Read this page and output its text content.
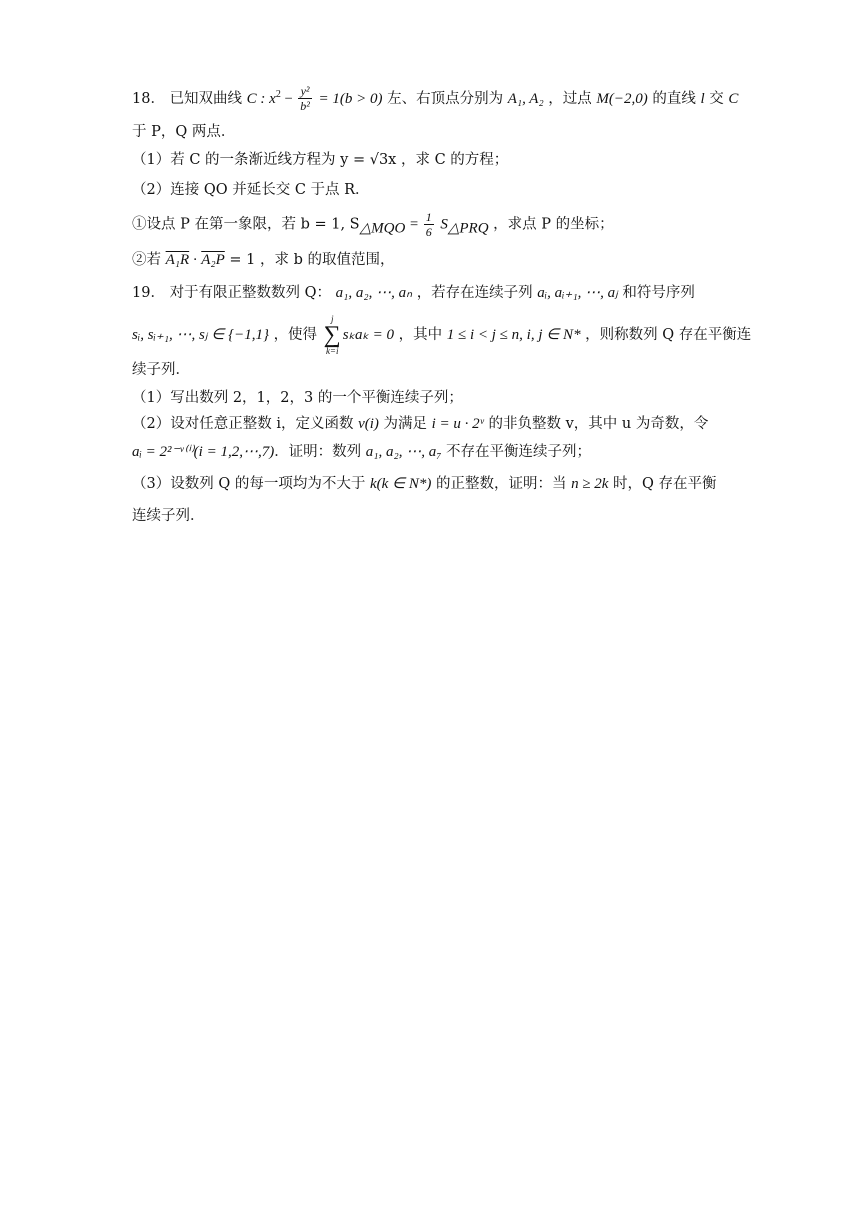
18． 已知双曲线 C : $x^2 - \frac{\text{y²}}{\text{b²}} = 1(b > 0)$ 左、右顶点分别为 A₁, A₂ ，过点 M(−2,0) 的直线 l 交 C
于 P，Q 两点．
（1）若 C 的一条渐近线方程为 y = √3x ，求 C 的方程；
（2）连接 QO 并延长交 C 于点 R．
①设点 P 在第一象限，若 b = 1, $S_{\triangle MQO} = \frac{1}{6} S_{\triangle PRQ}$ ，求点 P 的坐标；
②若 A₁R · A₂P = 1 ，求 b 的取值范围，
19． 对于有限正整数数列 Q： a₁, a₂, ⋯, aₙ ，若存在连续子列 aᵢ, aᵢ₊₁, ⋯, aⱼ 和符号序列
sᵢ, sᵢ₊₁, ⋯, sⱼ ∈ {−1,1} ，使得
j
∑
k=i
sₖaₖ = 0 ，其中 1 ≤ i < j ≤ n, i, j ∈ N* ，则称数列 Q 存在平衡连
续子列．
（1）写出数列 2，1，2，3 的一个平衡连续子列；
（2）设对任意正整数 i，定义函数 v(i) 为满足 i = u · 2ᵛ 的非负整数 v，其中 u 为奇数，令
aᵢ = 2²⁻ᵛ⁽ⁱ⁾(i = 1,2,⋯,7)．证明：数列 a₁, a₂, ⋯, a₇ 不存在平衡连续子列；
（3）设数列 Q 的每一项均为不大于 k(k ∈ N*) 的正整数，证明：当 n ≥ 2k 时，Q 存在平衡
连续子列．
